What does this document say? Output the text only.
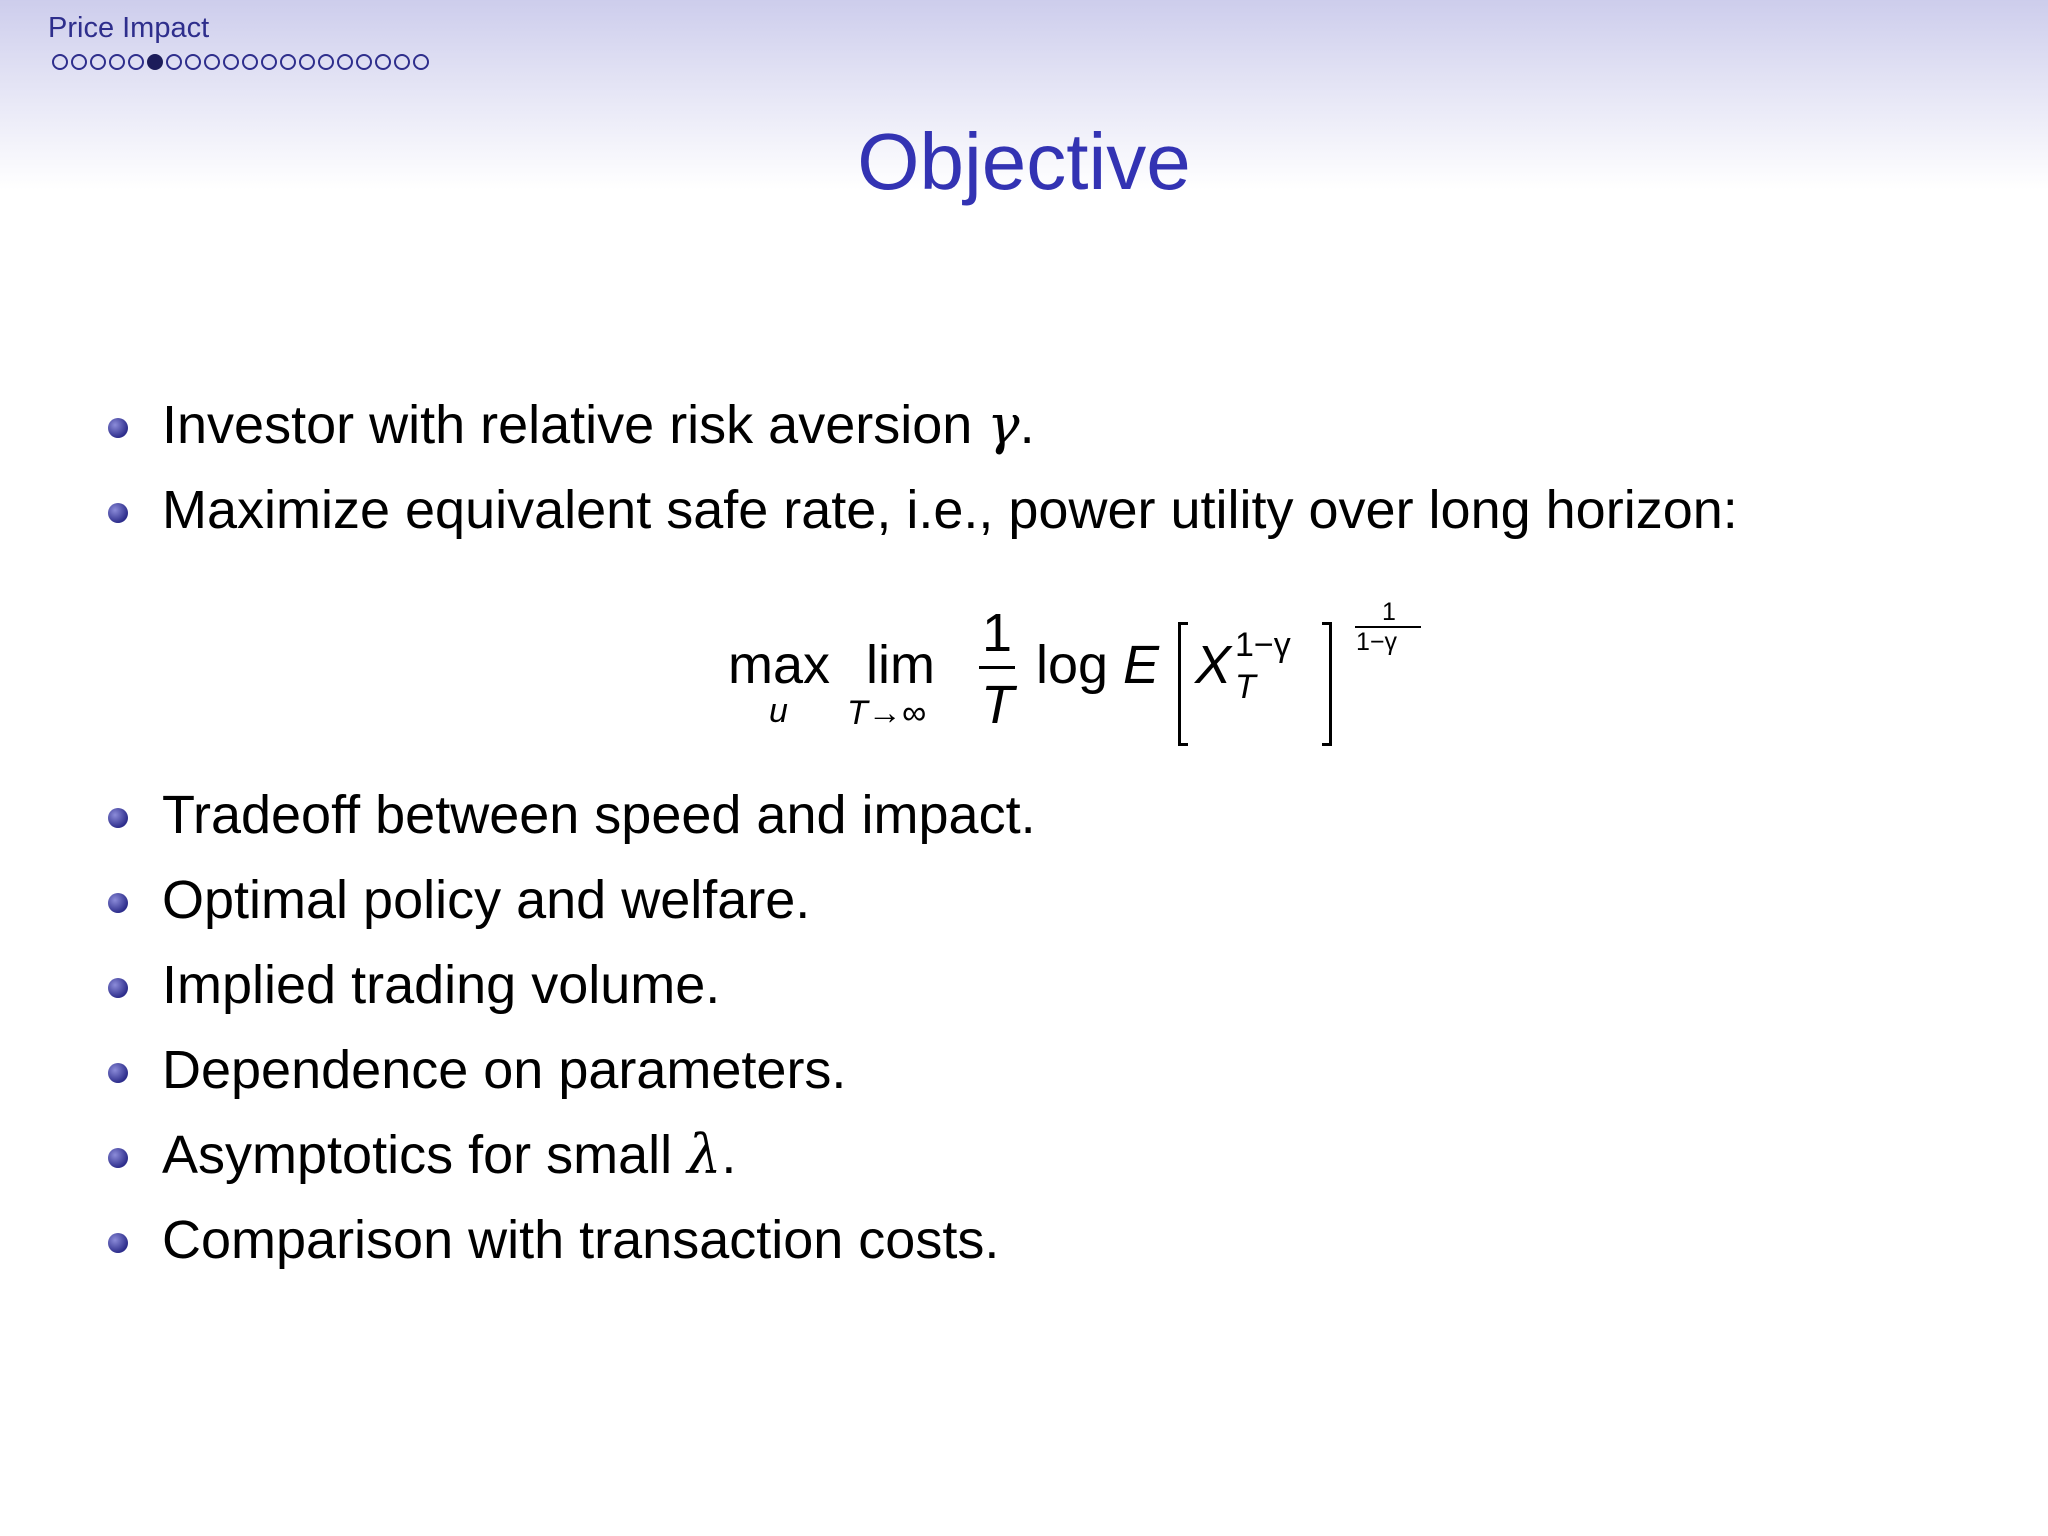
Price Impact
Objective
Investor with relative risk aversion γ.
Maximize equivalent safe rate, i.e., power utility over long horizon:
max
u
lim
T→∞
1
T
log E X T
1−γ
1
1−γ
Tradeoff between speed and impact.
Optimal policy and welfare.
Implied trading volume.
Dependence on parameters.
Asymptotics for small λ.
Comparison with transaction costs.
